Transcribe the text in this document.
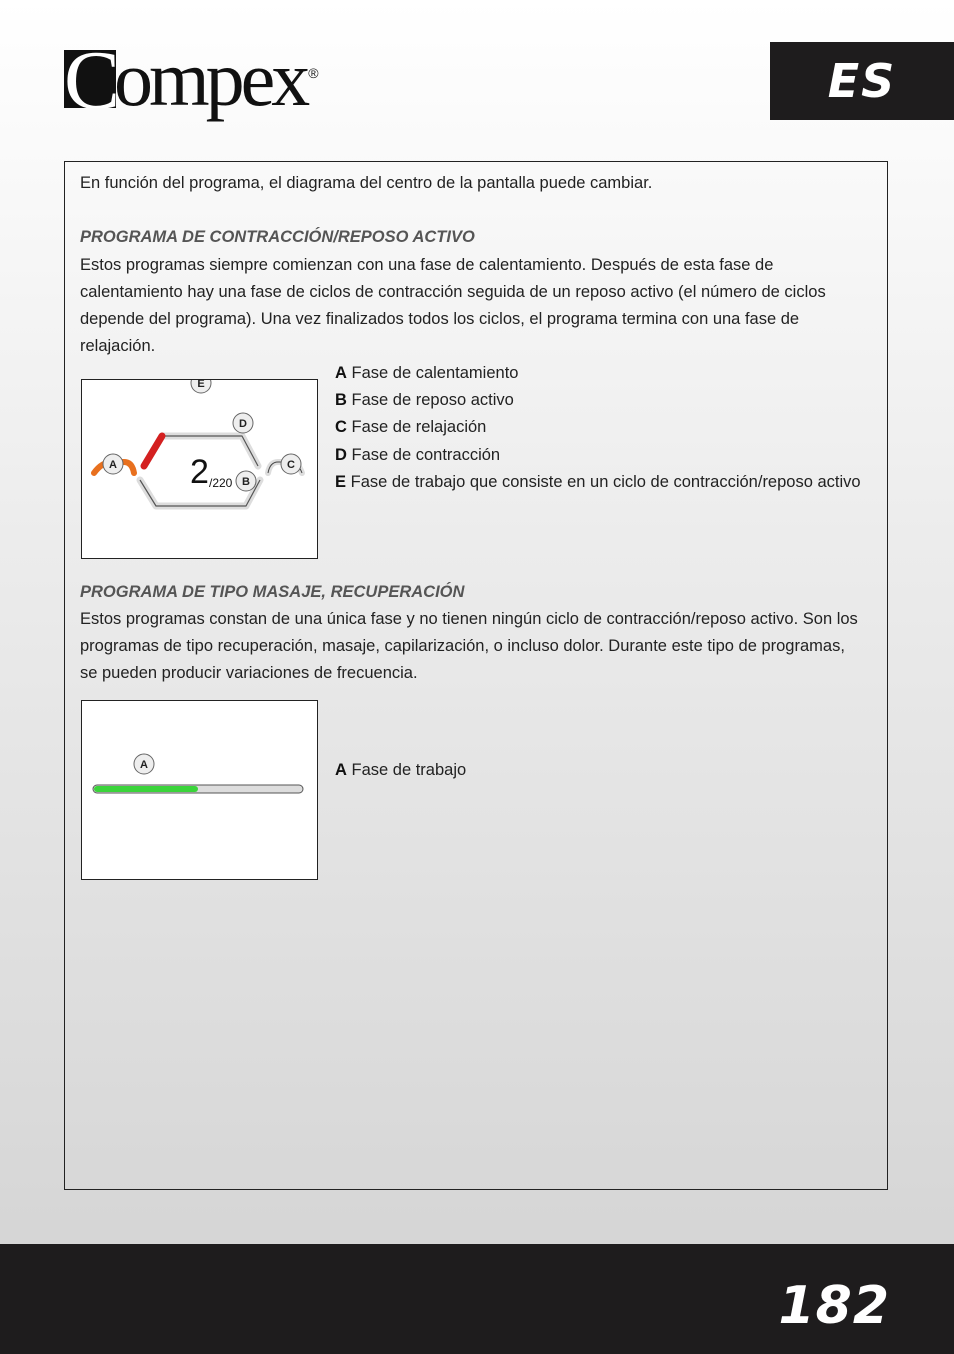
C
ompex ®	ES
En función del programa, el diagrama del centro de la pantalla puede cambiar.
PROGRAMA DE CONTRACCIÓN/REPOSO ACTIVO
Estos programas siempre comienzan con una fase de calentamiento. Después de esta fase de calentamiento hay una fase de ciclos de contracción seguida de un reposo activo (el número de ciclos depende del programa). Una vez finalizados todos los ciclos, el programa termina con una fase de relajación.
2 /220
A
B
C
D
E
A Fase de calentamiento
B Fase de reposo activo
C Fase de relajación
D Fase de contracción
E Fase de trabajo que consiste en un ciclo de contracción/reposo activo
PROGRAMA DE TIPO MASAJE, RECUPERACIÓN
Estos programas constan de una única fase y no tienen ningún ciclo de contracción/reposo activo. Son los programas de tipo recuperación, masaje, capilarización, o incluso dolor. Durante este tipo de programas, se pueden producir variaciones de frecuencia.
A	A Fase de trabajo
182
